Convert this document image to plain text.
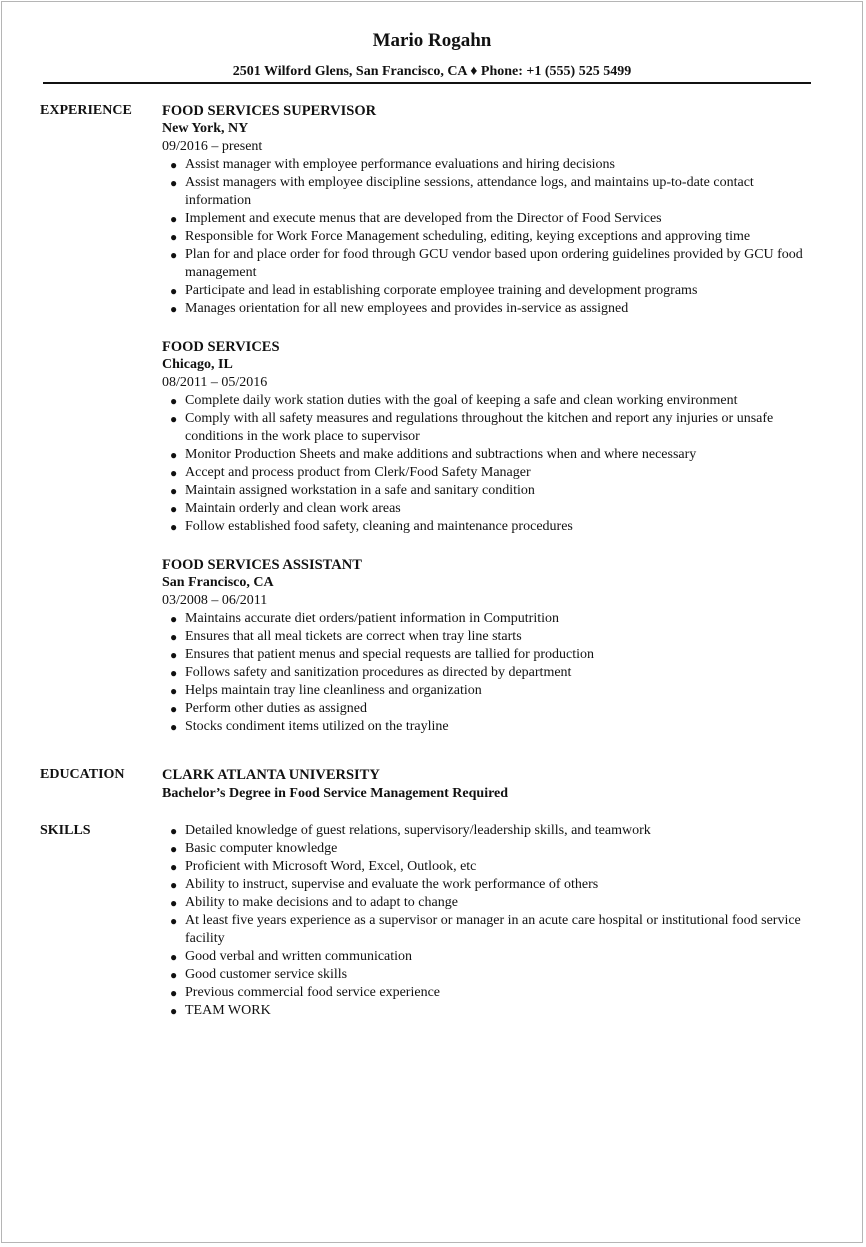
Mario Rogahn
2501 Wilford Glens, San Francisco, CA ♦ Phone: +1 (555) 525 5499
EXPERIENCE FOOD SERVICES SUPERVISOR
New York, NY
09/2016 – present
● Assist manager with employee performance evaluations and hiring decisions
● Assist managers with employee discipline sessions, attendance logs, and maintains up-to-date contact information
● Implement and execute menus that are developed from the Director of Food Services
● Responsible for Work Force Management scheduling, editing, keying exceptions and approving time
● Plan for and place order for food through GCU vendor based upon ordering guidelines provided by GCU food management
● Participate and lead in establishing corporate employee training and development programs
● Manages orientation for all new employees and provides in-service as assigned
FOOD SERVICES
Chicago, IL
08/2011 – 05/2016
● Complete daily work station duties with the goal of keeping a safe and clean working environment
● Comply with all safety measures and regulations throughout the kitchen and report any injuries or unsafe conditions in the work place to supervisor
● Monitor Production Sheets and make additions and subtractions when and where necessary
● Accept and process product from Clerk/Food Safety Manager
● Maintain assigned workstation in a safe and sanitary condition
● Maintain orderly and clean work areas
● Follow established food safety, cleaning and maintenance procedures
FOOD SERVICES ASSISTANT
San Francisco, CA
03/2008 – 06/2011
● Maintains accurate diet orders/patient information in Computrition
● Ensures that all meal tickets are correct when tray line starts
● Ensures that patient menus and special requests are tallied for production
● Follows safety and sanitization procedures as directed by department
● Helps maintain tray line cleanliness and organization
● Perform other duties as assigned
● Stocks condiment items utilized on the trayline
EDUCATION	CLARK ATLANTA UNIVERSITY
Bachelor’s Degree in Food Service Management Required
SKILLS	● Detailed knowledge of guest relations, supervisory/leadership skills, and teamwork
● Basic computer knowledge
● Proficient with Microsoft Word, Excel, Outlook, etc
● Ability to instruct, supervise and evaluate the work performance of others
● Ability to make decisions and to adapt to change
● At least five years experience as a supervisor or manager in an acute care hospital or institutional food service facility
● Good verbal and written communication
● Good customer service skills
● Previous commercial food service experience
● TEAM WORK
